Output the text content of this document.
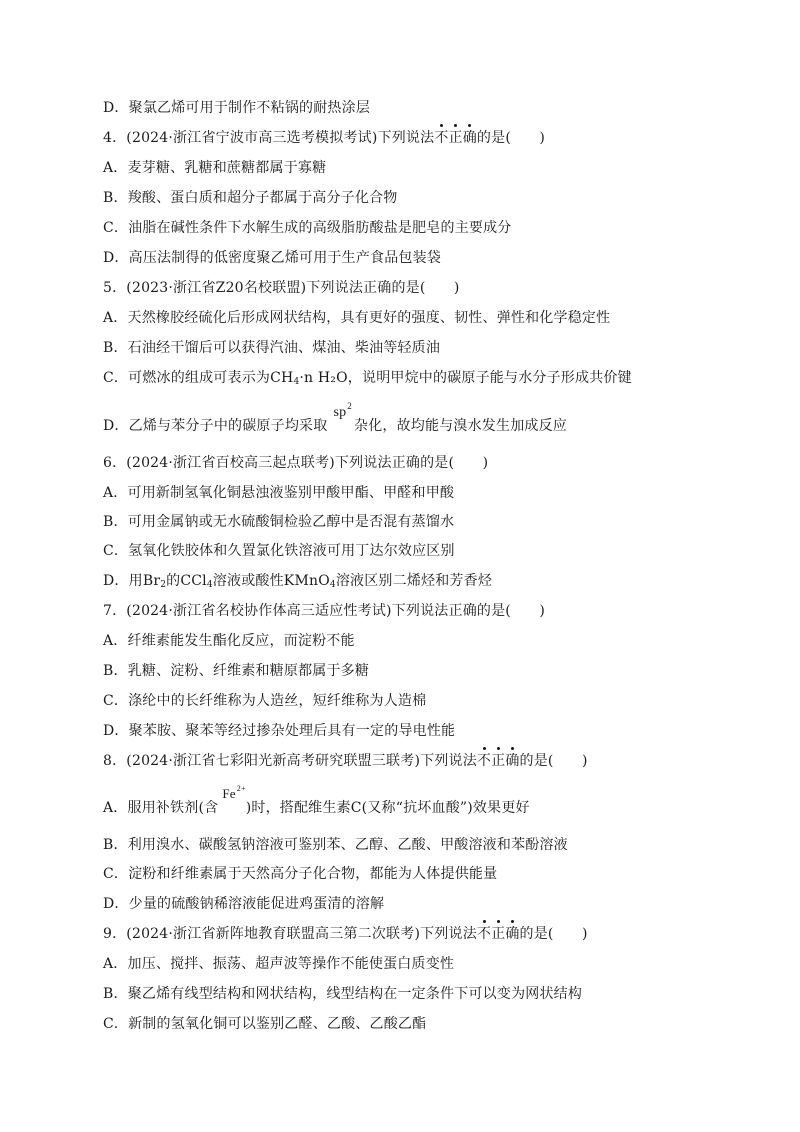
D．聚氯乙烯可用于制作不粘锅的耐热涂层
4．(2024·浙江省宁波市高三选考模拟考试)下列说法不正确的是(　　)
A．麦芽糖、乳糖和蔗糖都属于寡糖
B．羧酸、蛋白质和超分子都属于高分子化合物
C．油脂在碱性条件下水解生成的高级脂肪酸盐是肥皂的主要成分
D．高压法制得的低密度聚乙烯可用于生产食品包装袋
5．(2023·浙江省Z20名校联盟)下列说法正确的是(　　)
A．天然橡胶经硫化后形成网状结构，具有更好的强度、韧性、弹性和化学稳定性
B．石油经干馏后可以获得汽油、煤油、柴油等轻质油
C．可燃冰的组成可表示为$CH_4\cdot n$ H₂O，说明甲烷中的碳原子能与水分子形成共价键
D．乙烯与苯分子中的碳原子均采取$sp^2$杂化，故均能与溴水发生加成反应
6．(2024·浙江省百校高三起点联考)下列说法正确的是(　　)
A．可用新制氢氧化铜悬浊液鉴别甲酸甲酯、甲醛和甲酸
B．可用金属钠或无水硫酸铜检验乙醇中是否混有蒸馏水
C．氢氧化铁胶体和久置氯化铁溶液可用丁达尔效应区别
D．用$Br_2$的CCl$_4$溶液或酸性KMnO$_4$溶液区别二烯烃和芳香烃
7．(2024·浙江省名校协作体高三适应性考试)下列说法正确的是(　　)
A．纤维素能发生酯化反应，而淀粉不能
B．乳糖、淀粉、纤维素和糖原都属于多糖
C．涤纶中的长纤维称为人造丝，短纤维称为人造棉
D．聚苯胺、聚苯等经过掺杂处理后具有一定的导电性能
8．(2024·浙江省七彩阳光新高考研究联盟三联考)下列说法不正确的是(　　)
A．服用补铁剂(含$Fe^{2+}$)时，搭配维生素C(又称“抗坏血酸”)效果更好
B．利用溴水、碳酸氢钠溶液可鉴别苯、乙醇、乙酸、甲酸溶液和苯酚溶液
C．淀粉和纤维素属于天然高分子化合物，都能为人体提供能量
D．少量的硫酸钠稀溶液能促进鸡蛋清的溶解
9．(2024·浙江省新阵地教育联盟高三第二次联考)下列说法不正确的是(　　)
A．加压、搅拌、振荡、超声波等操作不能使蛋白质变性
B．聚乙烯有线型结构和网状结构，线型结构在一定条件下可以变为网状结构
C．新制的氢氧化铜可以鉴别乙醛、乙酸、乙酸乙酯
